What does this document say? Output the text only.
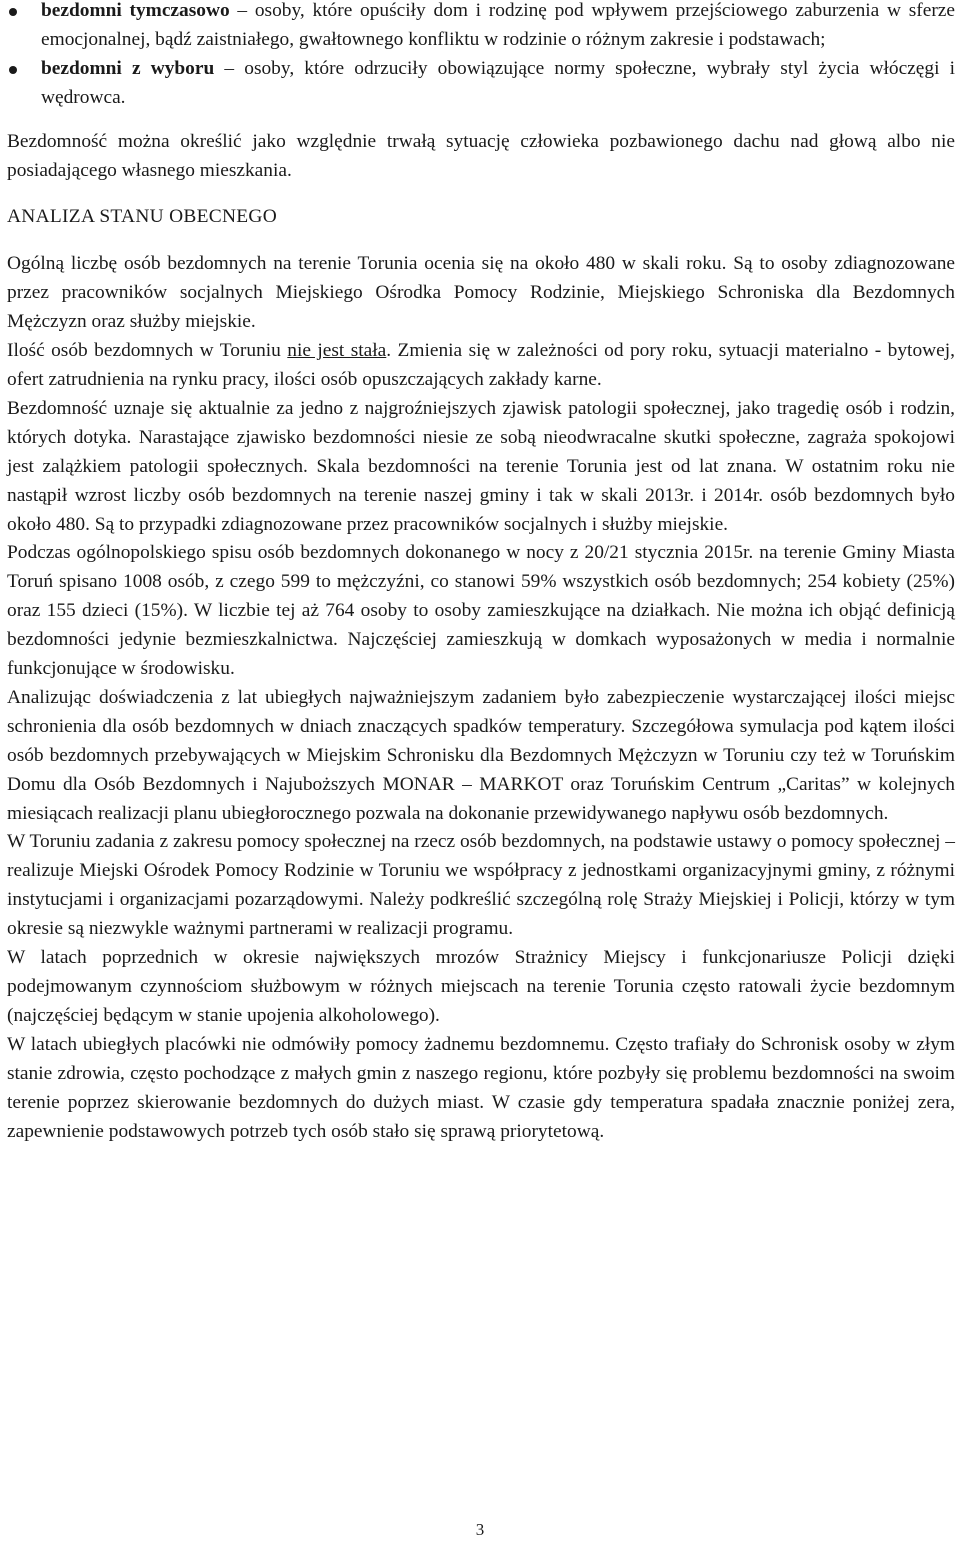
bezdomni tymczasowo – osoby, które opuściły dom i rodzinę pod wpływem przejściowego zaburzenia w sferze emocjonalnej, bądź zaistniałego, gwałtownego konfliktu w rodzinie o różnym zakresie i podstawach;
bezdomni z wyboru – osoby, które odrzuciły obowiązujące normy społeczne, wybrały styl życia włóczęgi i wędrowca.

Bezdomność można określić jako względnie trwałą sytuację człowieka pozbawionego dachu nad głową albo nie posiadającego własnego mieszkania.

ANALIZA STANU OBECNEGO

Ogólną liczbę osób bezdomnych na terenie Torunia ocenia się na około 480 w skali roku. Są to osoby zdiagnozowane przez pracowników socjalnych Miejskiego Ośrodka Pomocy Rodzinie, Miejskiego Schroniska dla Bezdomnych Mężczyzn oraz służby miejskie.

Ilość osób bezdomnych w Toruniu nie jest stała. Zmienia się w zależności od pory roku, sytuacji materialno - bytowej, ofert zatrudnienia na rynku pracy, ilości osób opuszczających zakłady karne.

Bezdomność uznaje się aktualnie za jedno z najgroźniejszych zjawisk patologii społecznej, jako tragedię osób i rodzin, których dotyka. Narastające zjawisko bezdomności niesie ze sobą nieodwracalne skutki społeczne, zagraża spokojowi jest zalążkiem patologii społecznych. Skala bezdomności na terenie Torunia jest od lat znana. W ostatnim roku nie nastąpił wzrost liczby osób bezdomnych na terenie naszej gminy i tak w skali 2013r. i 2014r. osób bezdomnych było około 480. Są to przypadki zdiagnozowane przez pracowników socjalnych i służby miejskie.

Podczas ogólnopolskiego spisu osób bezdomnych dokonanego w nocy z 20/21 stycznia 2015r. na terenie Gminy Miasta Toruń spisano 1008 osób, z czego 599 to mężczyźni, co stanowi 59% wszystkich osób bezdomnych; 254 kobiety (25%) oraz 155 dzieci (15%). W liczbie tej aż 764 osoby to osoby zamieszkujące na działkach. Nie można ich objąć definicją bezdomności jedynie bezmieszkalnictwa. Najczęściej zamieszkują w domkach wyposażonych w media i normalnie funkcjonujące w środowisku.

Analizując doświadczenia z lat ubiegłych najważniejszym zadaniem było zabezpieczenie wystarczającej ilości miejsc schronienia dla osób bezdomnych w dniach znaczących spadków temperatury. Szczegółowa symulacja pod kątem ilości osób bezdomnych przebywających w Miejskim Schronisku dla Bezdomnych Mężczyzn w Toruniu czy też w Toruńskim Domu dla Osób Bezdomnych i Najuboższych MONAR – MARKOT oraz Toruńskim Centrum „Caritas” w kolejnych miesiącach realizacji planu ubiegłorocznego pozwala na dokonanie przewidywanego napływu osób bezdomnych.

W Toruniu zadania z zakresu pomocy społecznej na rzecz osób bezdomnych, na podstawie ustawy o pomocy społecznej – realizuje Miejski Ośrodek Pomocy Rodzinie w Toruniu we współpracy z jednostkami organizacyjnymi gminy, z różnymi instytucjami i organizacjami pozarządowymi. Należy podkreślić szczególną rolę Straży Miejskiej i Policji, którzy w tym okresie są niezwykle ważnymi partnerami w realizacji programu.

W latach poprzednich w okresie największych mrozów Strażnicy Miejscy i funkcjonariusze Policji dzięki podejmowanym czynnościom służbowym w różnych miejscach na terenie Torunia często ratowali życie bezdomnym (najczęściej będącym w stanie upojenia alkoholowego).

W latach ubiegłych placówki nie odmówiły pomocy żadnemu bezdomnemu. Często trafiały do Schronisk osoby w złym stanie zdrowia, często pochodzące z małych gmin z naszego regionu, które pozbyły się problemu bezdomności na swoim terenie poprzez skierowanie bezdomnych do dużych miast. W czasie gdy temperatura spadała znacznie poniżej zera, zapewnienie podstawowych potrzeb tych osób stało się sprawą priorytetową.

3
